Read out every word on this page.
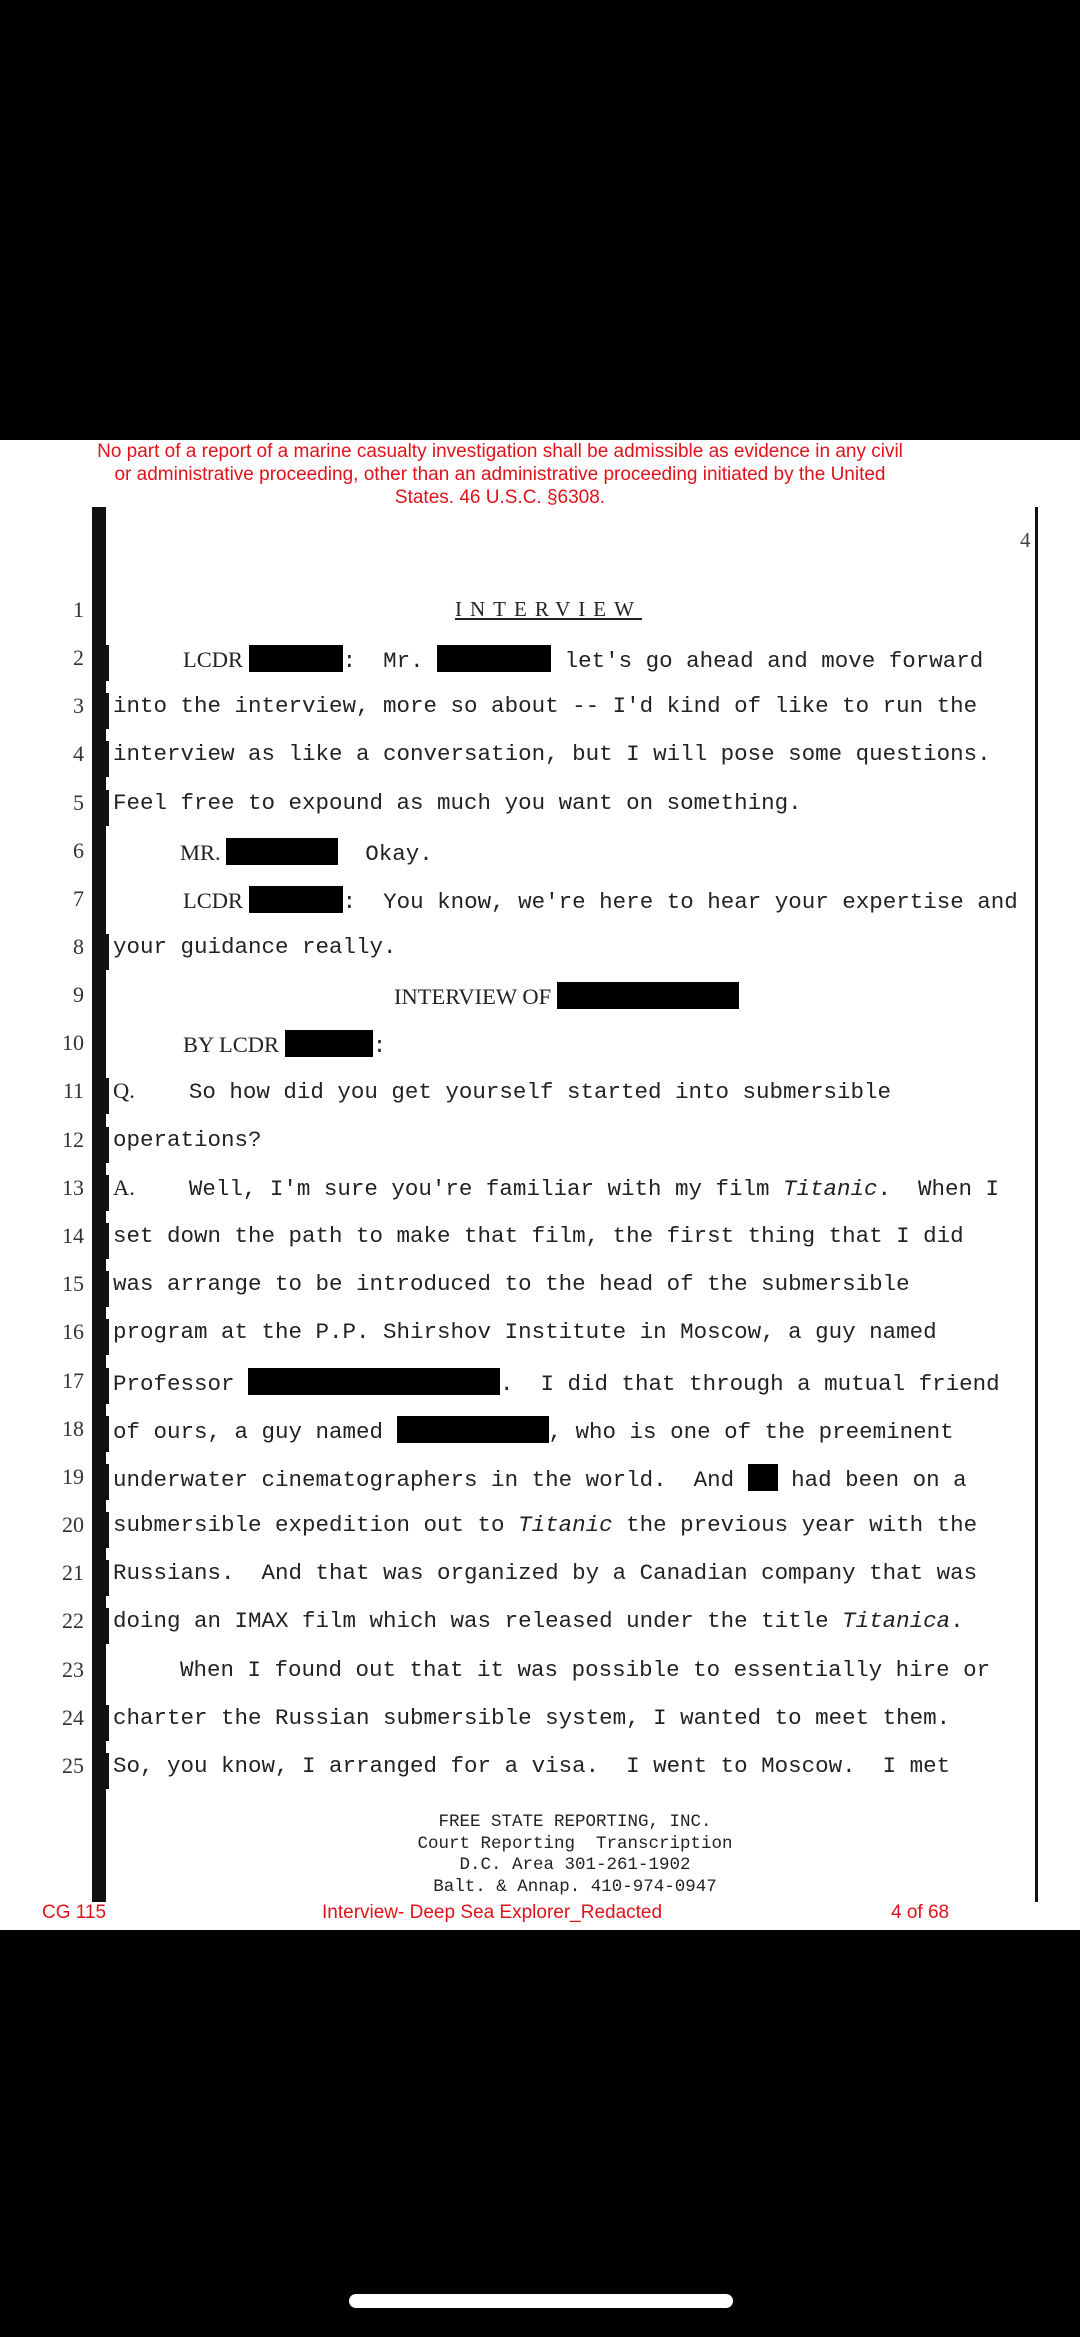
No part of a report of a marine casualty investigation shall be admissible as evidence in any civil
or administrative proceeding, other than an administrative proceeding initiated by the United
States. 46 U.S.C. §6308.
4
1	INTERVIEW
2	LCDR	:  Mr.	let's go ahead and move forward
3 into the interview, more so about -- I'd kind of like to run the
4 interview as like a conversation, but I will pose some questions.
5 Feel free to expound as much you want on something.
6	MR.	Okay.
7	LCDR	:  You know, we're here to hear your expertise and
8 your guidance really.
9	INTERVIEW OF
10	BY LCDR	:
11 Q.    So how did you get yourself started into submersible
12 operations?
13 A.    Well, I'm sure you're familiar with my film Titanic.  When I
14 set down the path to make that film, the first thing that I did
15 was arrange to be introduced to the head of the submersible
16 program at the P.P. Shirshov Institute in Moscow, a guy named
17 Professor	.  I did that through a mutual friend
18 of ours, a guy named	, who is one of the preeminent
19 underwater cinematographers in the world.  And  had been on a
20 submersible expedition out to Titanic the previous year with the
21 Russians.  And that was organized by a Canadian company that was
22 doing an IMAX film which was released under the title Titanica.
23	When I found out that it was possible to essentially hire or
24 charter the Russian submersible system, I wanted to meet them.
25 So, you know, I arranged for a visa.  I went to Moscow.  I met
FREE STATE REPORTING, INC.
Court Reporting  Transcription
D.C. Area 301-261-1902
Balt. & Annap. 410-974-0947
CG 115	Interview- Deep Sea Explorer_Redacted	4 of 68
